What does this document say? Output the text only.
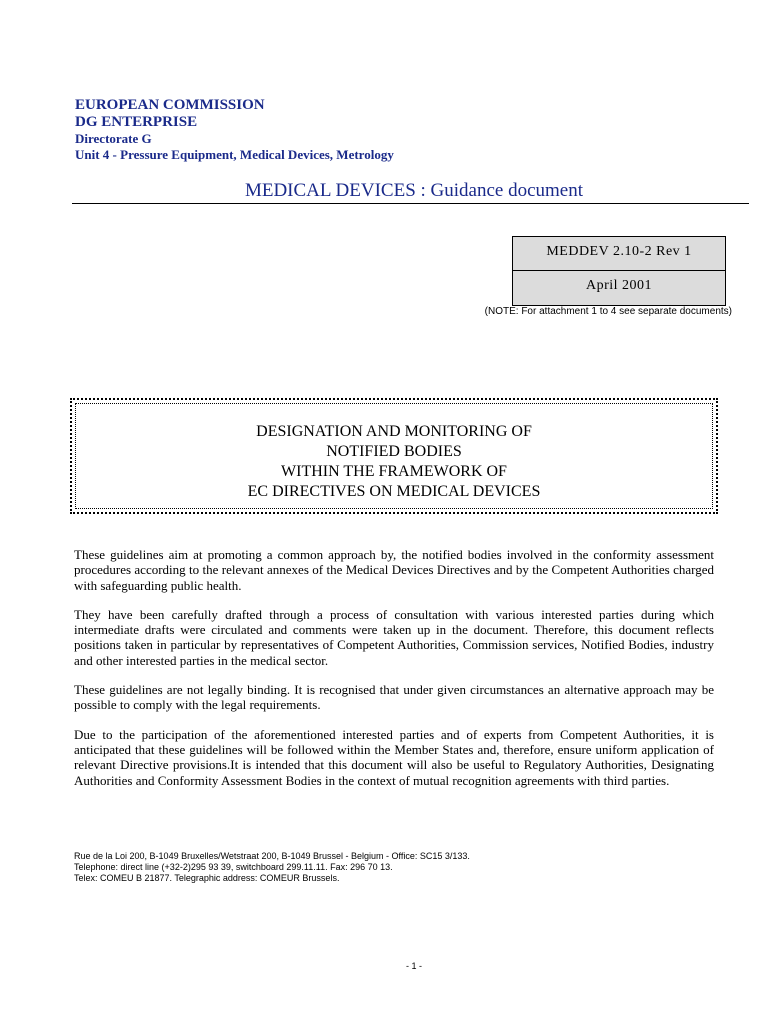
EUROPEAN COMMISSION
DG ENTERPRISE
Directorate G
Unit 4 - Pressure Equipment, Medical Devices, Metrology
MEDICAL DEVICES : Guidance document
MEDDEV 2.10-2 Rev 1
April 2001
(NOTE: For attachment 1 to 4 see separate documents)
DESIGNATION AND MONITORING OF
NOTIFIED BODIES
WITHIN THE FRAMEWORK OF
EC DIRECTIVES ON MEDICAL DEVICES

These guidelines aim at promoting a common approach by, the notified bodies involved in the conformity assessment procedures according to the relevant annexes of the Medical Devices Directives and by the Competent Authorities charged with safeguarding public health.

They have been carefully drafted through a process of consultation with various interested parties during which intermediate drafts were circulated and comments were taken up in the document. Therefore, this document reflects positions taken in particular by representatives of Competent Authorities, Commission services, Notified Bodies, industry and other interested parties in the medical sector.

These guidelines are not legally binding. It is recognised that under given circumstances an alternative approach may be possible to comply with the legal requirements.

Due to the participation of the aforementioned interested parties and of experts from Competent Authorities, it is anticipated that these guidelines will be followed within the Member States and, therefore, ensure uniform application of relevant Directive provisions.It is intended that this document will also be useful to Regulatory Authorities, Designating Authorities and Conformity Assessment Bodies in the context of mutual recognition agreements with third parties.

Rue de la Loi 200, B-1049 Bruxelles/Wetstraat 200, B-1049 Brussel - Belgium - Office: SC15 3/133.
Telephone: direct line (+32-2)295 93 39, switchboard 299.11.11. Fax: 296 70 13.
Telex: COMEU B 21877. Telegraphic address: COMEUR Brussels.
- 1 -
